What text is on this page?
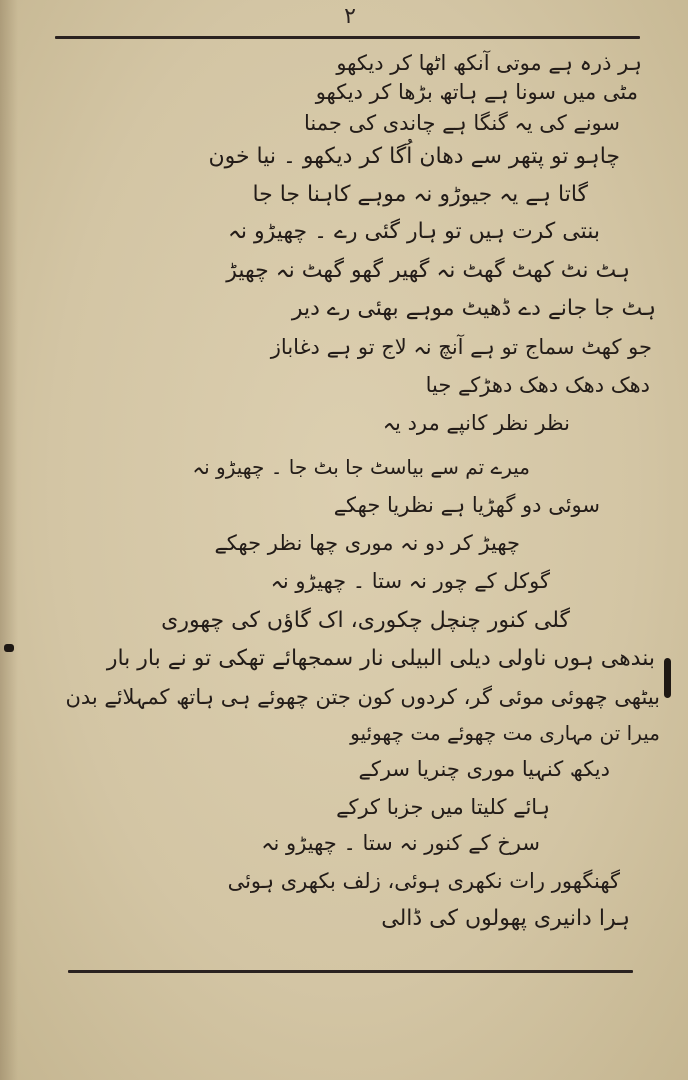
۲
ہر ذرہ ہے موتی آنکھ اٹھا کر دیکھو
مٹی میں سونا ہے ہاتھ بڑھا کر دیکھو
سونے کی یہ گنگا ہے چاندی کی جمنا
چاہو تو پتھر سے دھان اُگا کر دیکھو ۔ نیا خون
گاتا ہے یہ جیوڑو نہ موہے کاہنا جا جا
بنتی کرت ہیں تو ہار گئی رے ۔ چھیڑو نہ
ہٹ نٹ کھٹ گھٹ نہ گھیر گھو گھٹ نہ چھیڑ
ہٹ جا جانے دے ڈھیٹ موہے بھئی رے دیر
جو کھٹ سماج تو ہے آنچ نہ لاج تو ہے دغاباز
دھک دھک دھک دھڑکے جیا
نظر نظر کانپے مرد یہ
میرے تم سے بیاسٹ جا بٹ جا ۔ چھیڑو نہ
سوئی دو گھڑیا ہے نظریا جھکے
چھیڑ کر دو نہ موری چھا نظر جھکے
گوکل کے چور نہ ستا ۔ چھیڑو نہ
گلی کنور چنچل چکوری، اک گاؤں کی چھوری
بندھی ہوں ناولی دیلی البیلی نار سمجھائے تھکی تو نے بار بار
بیٹھی چھوئی موئی گر، کردوں کون جتن چھوئے ہی ہاتھ کمہلائے بدن
میرا تن مہاری مت چھوئے مت چھوئیو
دیکھ کنہیا موری چنریا سرکے
ہائے کلیتا میں جزبا کرکے
سرخ کے کنور نہ ستا ۔ چھیڑو نہ
گھنگھور رات نکھری ہوئی، زلف بکھری ہوئی
ہرا دانیری پھولوں کی ڈالی
